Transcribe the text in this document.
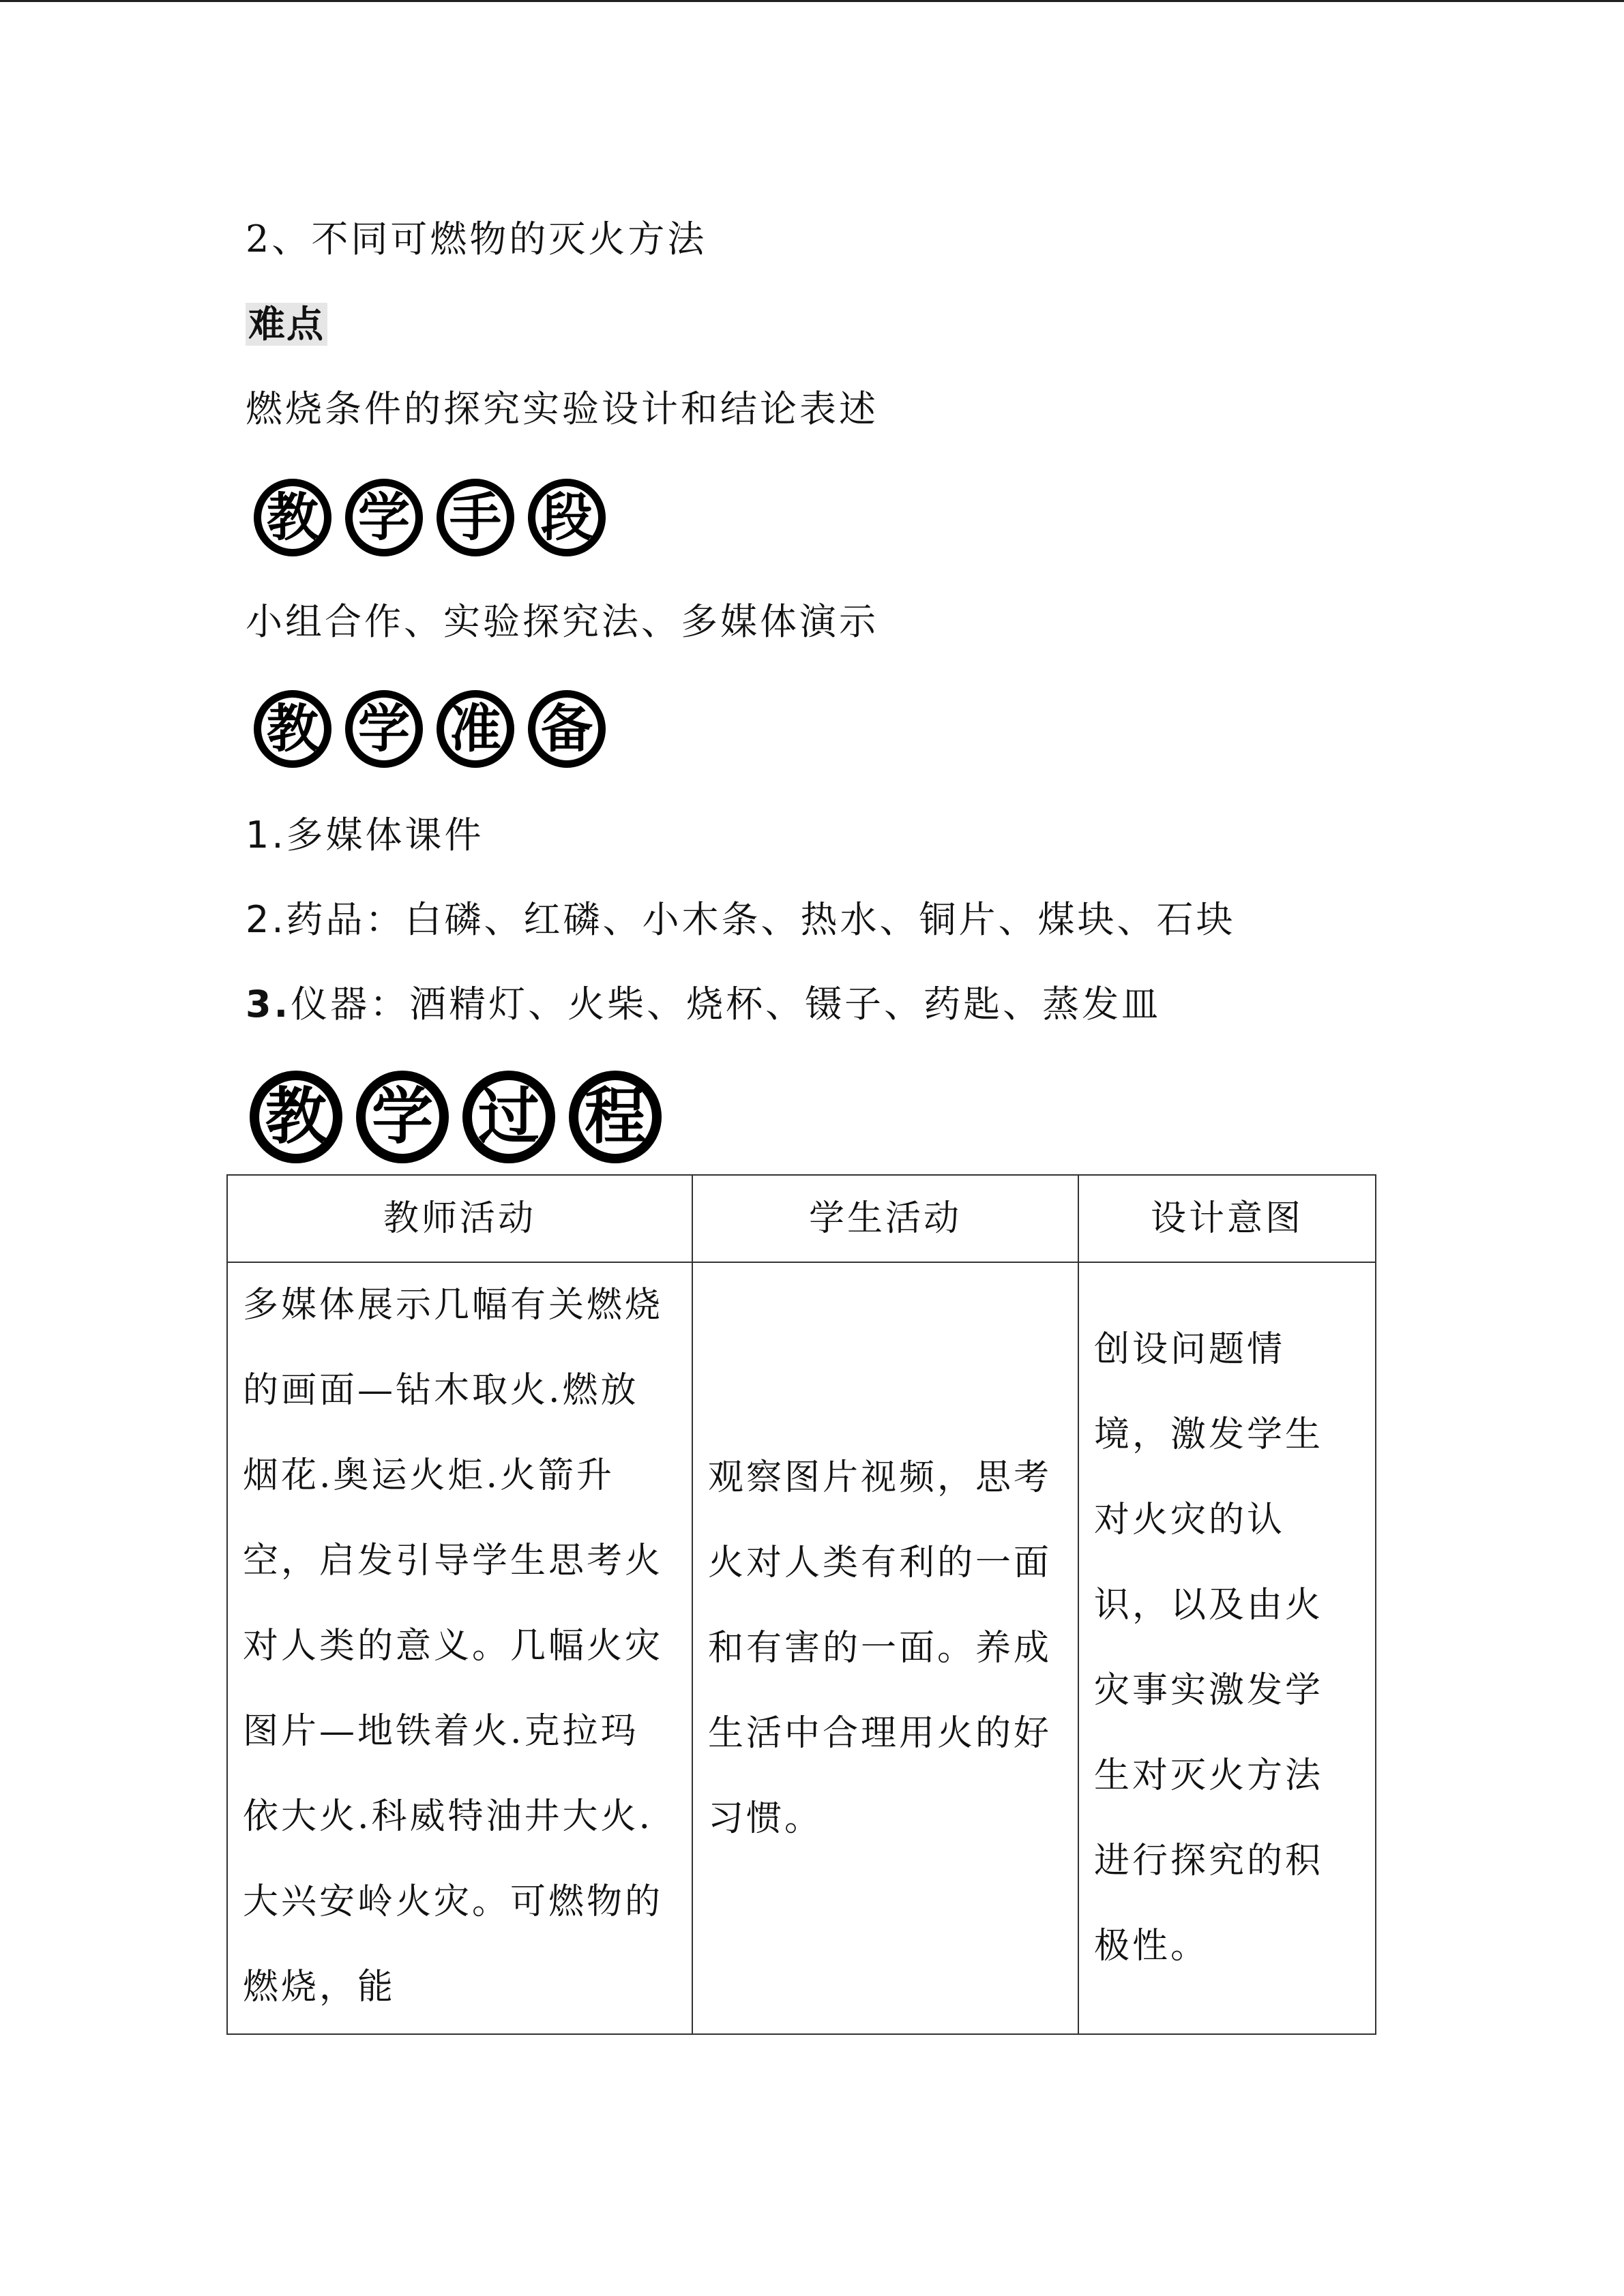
2、不同可燃物的灭火方法
难点
燃烧条件的探究实验设计和结论表述
教 学 手 段
小组合作、实验探究法、多媒体演示
教 学 准 备
1.多媒体课件
2.药品：白磷、红磷、小木条、热水、铜片、煤块、石块
3.仪器：酒精灯、火柴、烧杯、镊子、药匙、蒸发皿
教 学 过 程
教师活动	学生活动	设计意图

多媒体展示几幅有关燃烧的画面—钻木取火.燃放烟花.奥运火炬.火箭升空，启发引导学生思考火对人类的意义。几幅火灾图片—地铁着火.克拉玛依大火.科威特油井大火.大兴安岭火灾。可燃物的燃烧，能	观察图片视频，思考火对人类有利的一面和有害的一面。养成生活中合理用火的好习惯。	创设问题情境，激发学生对火灾的认识，以及由火灾事实激发学生对灭火方法进行探究的积极性。
